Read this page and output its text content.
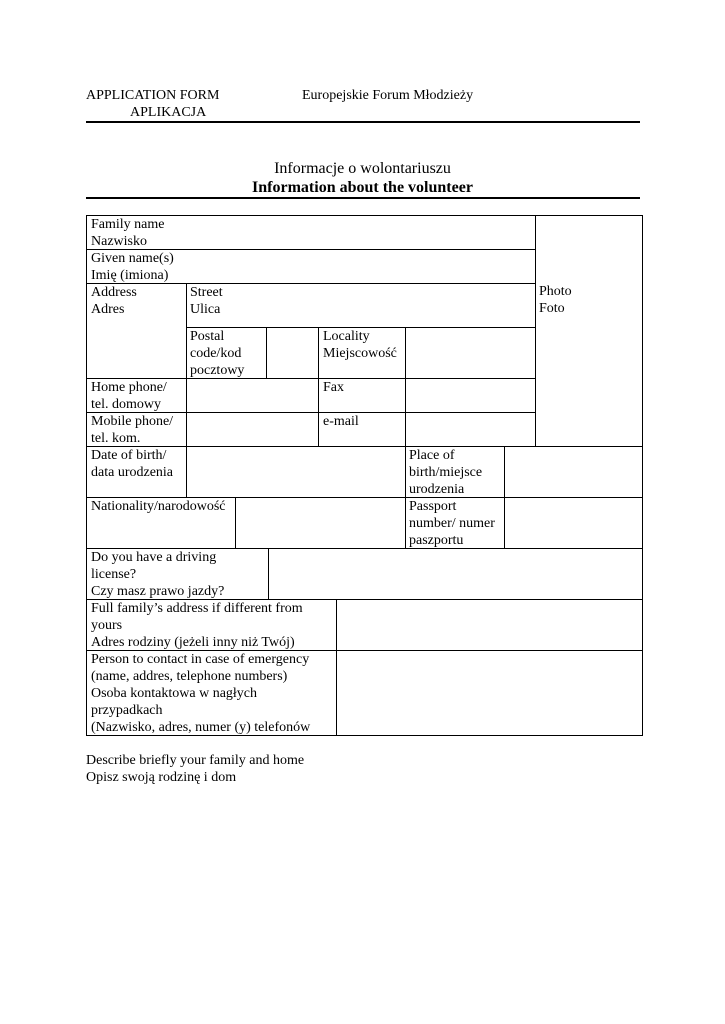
APPLICATION FORM
APLIKACJA
Europejskie Forum Młodzieży
Informacje o wolontariuszu
Information about the volunteer
Family name
Nazwisko
Given name(s)
Imię (imiona)
Address
Adres
Street
Ulica
Postal
code/kod
pocztowy
Locality
Miejscowość
Home phone/
tel. domowy
Fax
Mobile phone/
tel. kom.
e-mail
Photo
Foto
Date of birth/
data urodzenia
Place of
birth/miejsce
urodzenia
Nationality/narodowość	Passport
number/ numer
paszportu
Do you have a driving
license?
Czy masz prawo jazdy?
Full family’s address if different from
yours
Adres rodziny (jeżeli inny niż Twój)
Person to contact in case of emergency
(name, addres, telephone numbers)
Osoba kontaktowa w nagłych
przypadkach
(Nazwisko, adres, numer (y) telefonów
Describe briefly your family and home
Opisz swoją rodzinę i dom
